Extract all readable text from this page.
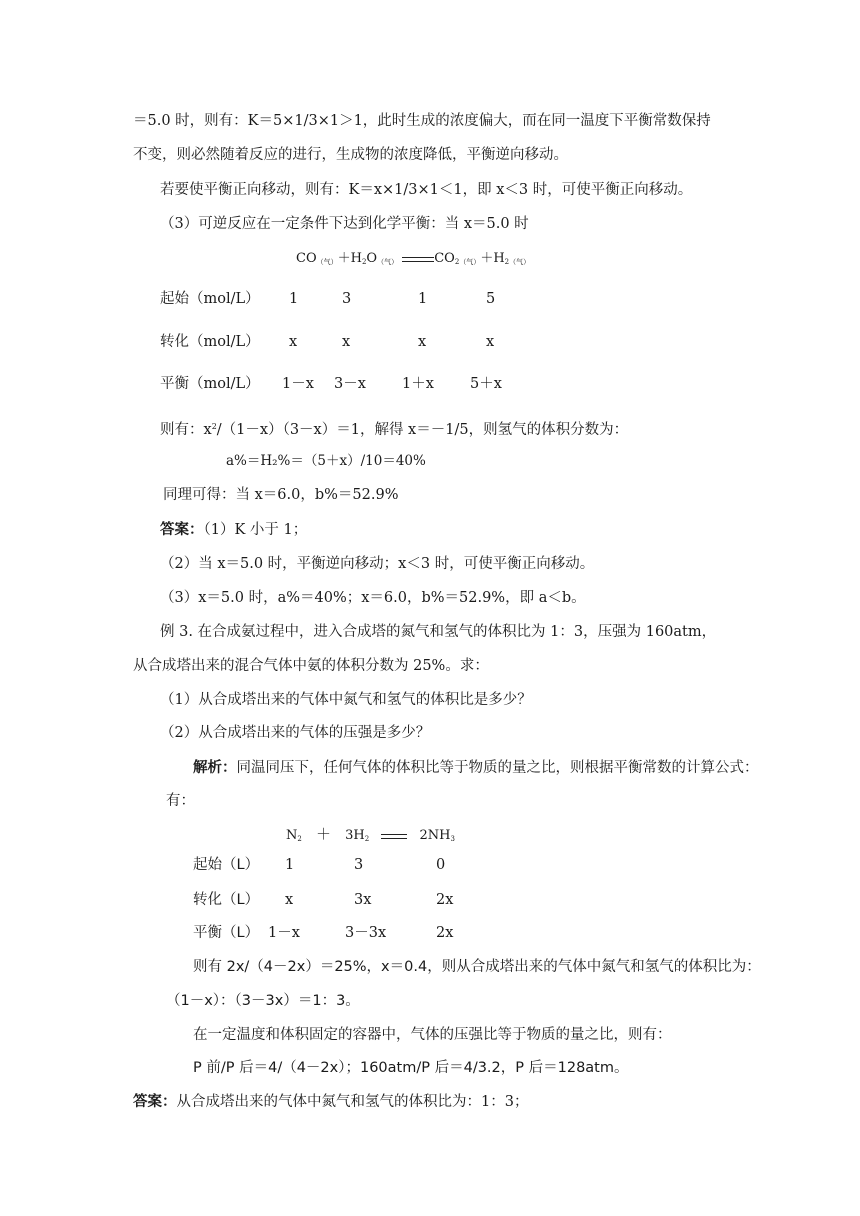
＝5.0 时，则有：K＝5×1/3×1＞1，此时生成的浓度偏大，而在同一温度下平衡常数保持
不变，则必然随着反应的进行，生成物的浓度降低，平衡逆向移动。
若要使平衡正向移动，则有：K＝x×1/3×1＜1，即 x＜3 时，可使平衡正向移动。
（3）可逆反应在一定条件下达到化学平衡：当 x＝5.0 时
$CO_{(气)}+H_2O_{(气)}$	$CO_{2(气)}+H_{2(气)}$
起始（mol/L） 1	3	1	5
转化（mol/L） x	x	x	x
平衡（mol/L） 1－x 3－x 1＋x 5＋x
则有：$x^2/(1-x)(3-x)=1$，解得 x＝－1/5，则氢气的体积分数为：
a%＝H₂%＝（5＋x）/10＝40%
同理可得：当 x＝6.0，b%＝52.9%
答案：（1）K 小于 1；
（2）当 x＝5.0 时，平衡逆向移动；x＜3 时，可使平衡正向移动。
（3）x＝5.0 时，a%＝40%；x＝6.0，b%＝52.9%，即 a＜b。
例 3. 在合成氨过程中，进入合成塔的氮气和氢气的体积比为 1：3，压强为 160atm，
从合成塔出来的混合气体中氨的体积分数为 25%。求：
（1）从合成塔出来的气体中氮气和氢气的体积比是多少？
（2）从合成塔出来的气体的压强是多少？
解析：同温同压下，任何气体的体积比等于物质的量之比，则根据平衡常数的计算公式：
有：
$N_2 + 3H_2$	$2NH_3$
起始（L） 1	3	0
转化（L） x	3x	2x
平衡（L） 1－x	3－3x	2x
则有 2x/（4－2x）＝25%，x＝0.4，则从合成塔出来的气体中氮气和氢气的体积比为：
（1－x）：（3－3x）＝1：3。
在一定温度和体积固定的容器中，气体的压强比等于物质的量之比，则有：
P 前/P 后＝4/（4－2x）；160atm/P 后＝4/3.2，P 后＝128atm。
答案：从合成塔出来的气体中氮气和氢气的体积比为：1：3；
